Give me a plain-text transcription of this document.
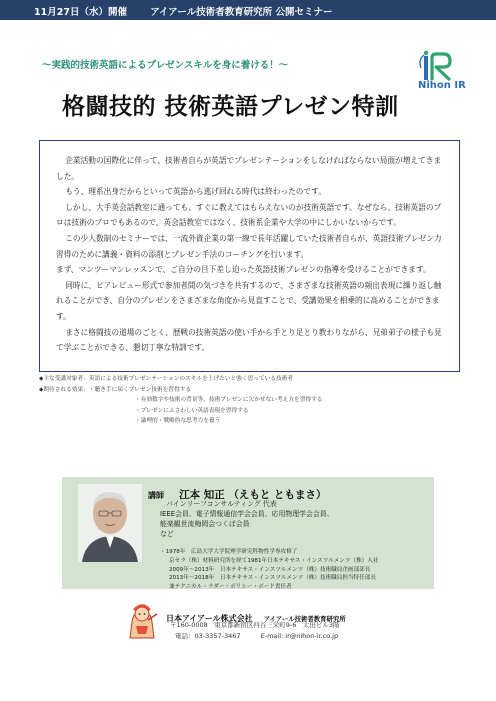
11月27日（水）開催 アイアール技術者教育研究所 公開セミナー
〜実践的技術英語によるプレゼンスキルを身に着ける！〜
Nihon IR
格闘技的 技術英語プレゼン特訓

企業活動の国際化に伴って、技術者自らが英語でプレゼンテーションをしなければならない局面が増えてきました。

もう、理系出身だからといって英語から逃げ回れる時代は終わったのです。

しかし、大手英会話教室に通っても、すぐに教えてはもらえないのが技術英語です。なぜなら、技術英語のプロは技術のプロでもあるので、英会話教室ではなく、技術系企業や大学の中にしかいないからです。

この少人数制のセミナーでは、一流外資企業の第一線で長年活躍していた技術者自らが、英語技術プレゼン力習得のために講義・資料の添削とプレゼン手法のコーチングを行います。

まず、マンツーマンレッスンで、ご自分の目下差し迫った英語技術プレゼンの指導を受けることができます。

同時に、ピアレビュー形式で参加者間の気づきを共有するので、さまざまな技術英語の頻出表現に繰り返し触れることができ、自分のプレゼンをさまざまな角度から見直すことで、受講効果を相乗的に高めることができます。

まさに格闘技の道場のごとく、歴戦の技術英語の使い手から手とり足とり教わりながら、兄弟弟子の様子も見て学ぶことができる、懇切丁寧な特訓です。

◆主な受講対象者： 英語による技術プレゼンテーションのスキルを上げたいと強く思っている技術者
◆期待される効果： ・聴き手に届くプレゼン技術を習得する
・有効数字や技術の背景等、技術プレゼンに欠かせない考え方を習得する
・プレゼンにふさわしい英語表現を習得する
・論理的・戦略的な思考力を養う
講師 江本 知正 （えもと ともまさ）
バインリーフコンサルティング 代表
IEEE会員、電子情報通信学会会員、応用物理学会会員、
能楽観世流梅岡会つくば会員
など
・1978年　広島大学大学院理学研究科物性学専攻修了
京セラ（株）材料研究所を経て1981年日本テキサス・インスツルメンツ（株）入社
2009年〜2013年　日本テキサス・インスツルメンツ（株）技術職局企画部部長
2013年〜2018年　日本テキサス・インスツルメンツ（株）技術職局担当特任部長
兼テクニカル・ラダー・ポリシー・ボード責任者
日本アイアール株式会社 アイアール技術者教育研究所
〒160-0008　東京都新宿区四谷三栄町9-6　太田ビル3階
電話：03-3357-3467	E-mail: ir@nihon-ir.co.jp
